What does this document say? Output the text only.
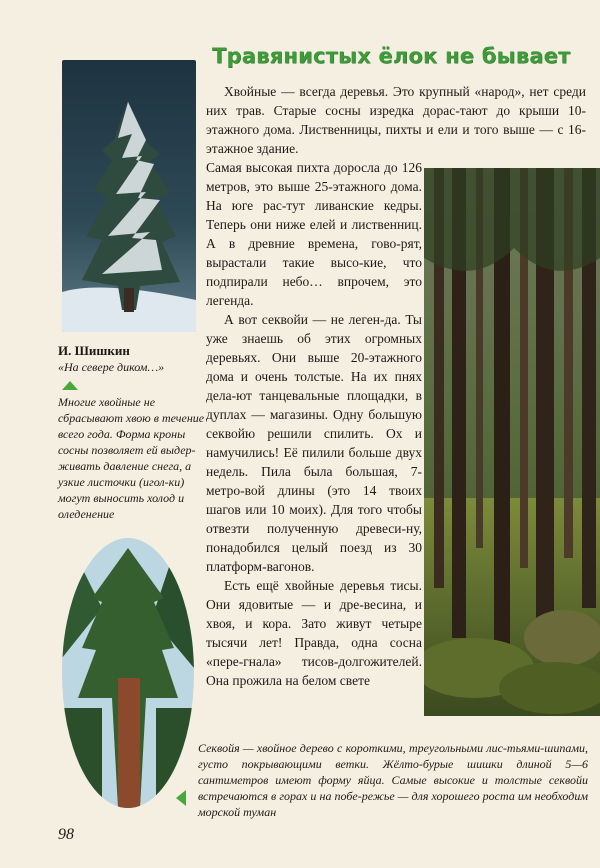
Травянистых ёлок не бывает
И. Шишкин
«На севере диком…»
Многие хвойные не сбрасывают хвою в течение всего года. Форма кроны сосны позволяет ей выдер-живать давление снега, а узкие листочки (игол-ки) могут выносить холод и оледенение

Хвойные — всегда деревья. Это крупный «народ», нет среди них трав. Старые сосны изредка дорас-тают до крыши 10-этажного дома. Лиственницы, пихты и ели и того выше — с 16-этажное здание.

Самая высокая пихта доросла до 126 метров, это выше 25-этажного дома. На юге рас-тут ливанские кедры. Теперь они ниже елей и лиственниц. А в древние времена, гово-рят, вырастали такие высо-кие, что подпирали небо… впрочем, это легенда.

А вот секвойи — не леген-да. Ты уже знаешь об этих огромных деревьях. Они выше 20-этажного дома и очень толстые. На их пнях дела-ют танцевальные площадки, в дуплах — магазины. Одну большую секвойю решили спилить. Ох и намучились! Её пилили больше двух недель. Пила была большая, 7-метро-вой длины (это 14 твоих шагов или 10 моих). Для того чтобы отвезти полученную древеси-ну, понадобился целый поезд из 30 платформ-вагонов.

Есть ещё хвойные деревья тисы. Они ядовитые — и дре-весина, и хвоя, и кора. Зато живут четыре тысячи лет! Правда, одна сосна «пере-гнала» тисов-долгожителей. Она прожила на белом свете

Секвойя — хвойное дерево с короткими, треугольными лис-тьями-шипами, густо покрывающими ветки. Жёлто-бурые шишки длиной 5—6 сантиметров имеют форму яйца. Самые высокие и толстые секвойи встречаются в горах и на побе-режье — для хорошего роста им необходим морской туман
98
